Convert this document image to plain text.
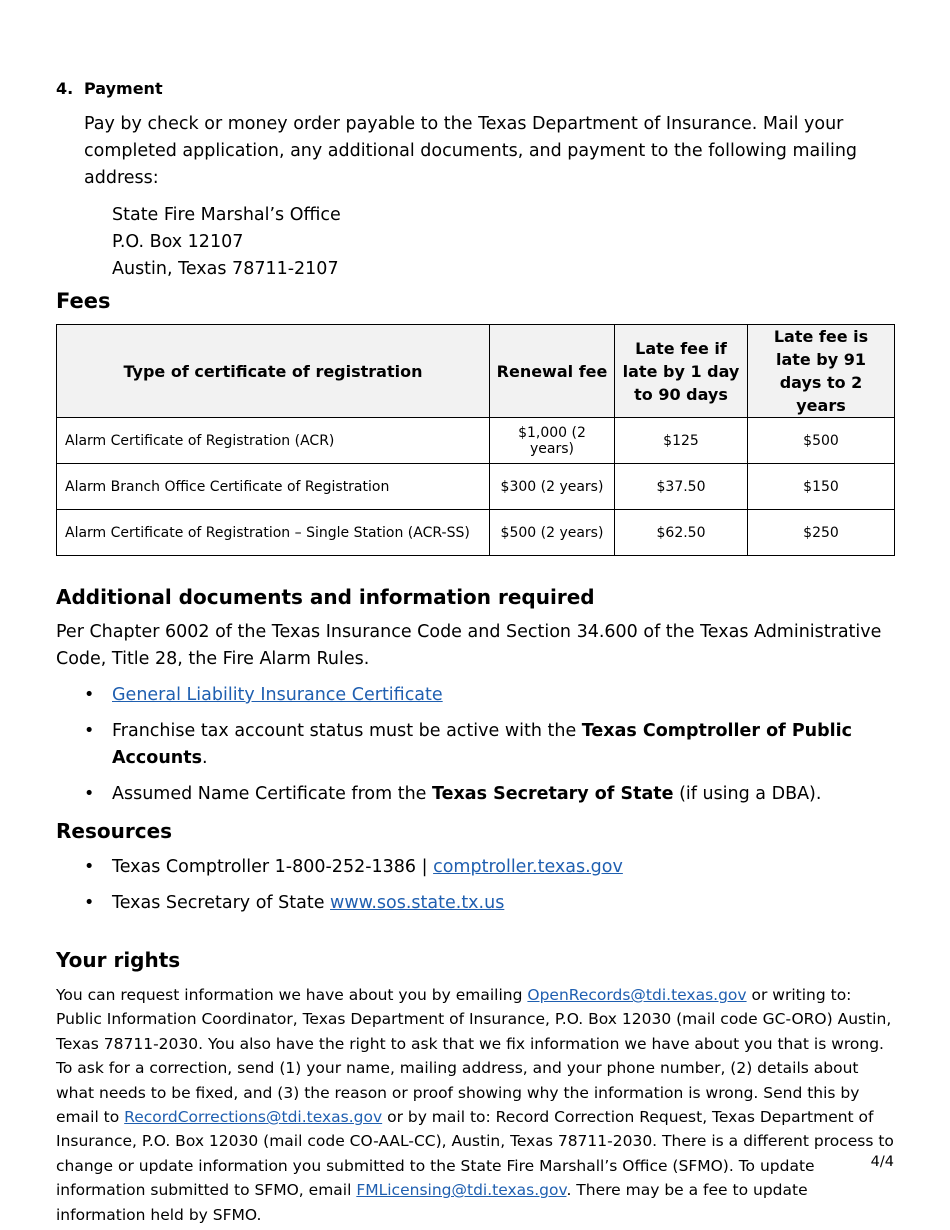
4. Payment

Pay by check or money order payable to the Texas Department of Insurance. Mail your completed application, any additional documents, and payment to the following mailing address:

State Fire Marshal’s Office
P.O. Box 12107
Austin, Texas 78711-2107
Fees
Type of certificate of registration	Renewal fee	Late fee if late by 1 day to 90 days	Late fee is late by 91 days to 2 years
Alarm Certificate of Registration (ACR)	$1,000 (2 years)	$125	$500
Alarm Branch Office Certificate of Registration	$300 (2 years)	$37.50	$150
Alarm Certificate of Registration – Single Station (ACR-SS)	$500 (2 years)	$62.50	$250
Additional documents and information required

Per Chapter 6002 of the Texas Insurance Code and Section 34.600 of the Texas Administrative Code, Title 28, the Fire Alarm Rules.

• General Liability Insurance Certificate
• Franchise tax account status must be active with the Texas Comptroller of Public Accounts.
• Assumed Name Certificate from the Texas Secretary of State (if using a DBA).
Resources
• Texas Comptroller 1-800-252-1386 | comptroller.texas.gov
• Texas Secretary of State www.sos.state.tx.us
Your rights

You can request information we have about you by emailing OpenRecords@tdi.texas.gov or writing to: Public Information Coordinator, Texas Department of Insurance, P.O. Box 12030 (mail code GC-ORO) Austin, Texas 78711-2030. You also have the right to ask that we fix information we have about you that is wrong. To ask for a correction, send (1) your name, mailing address, and your phone number, (2) details about what needs to be fixed, and (3) the reason or proof showing why the information is wrong. Send this by email to RecordCorrections@tdi.texas.gov or by mail to: Record Correction Request, Texas Department of Insurance, P.O. Box 12030 (mail code CO-AAL-CC), Austin, Texas 78711-2030. There is a different process to change or update information you submitted to the State Fire Marshall’s Office (SFMO). To update information submitted to SFMO, email FMLicensing@tdi.texas.gov. There may be a fee to update information held by SFMO.

4/4
